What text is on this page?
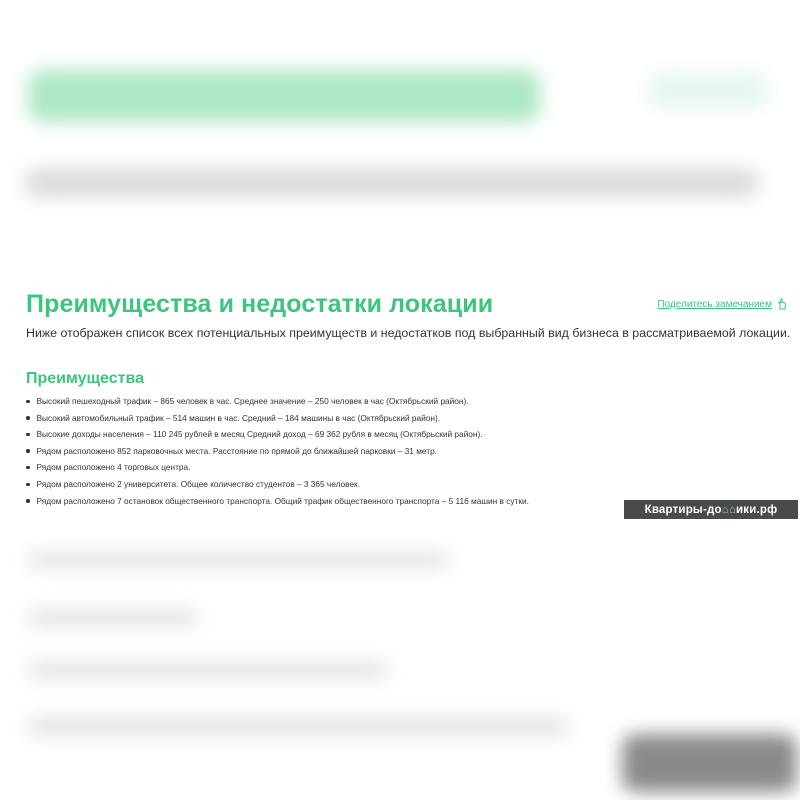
Преимущества и недостатки локации	Поделитесь замечанием

Ниже отображен список всех потенциальных преимуществ и недостатков под выбранный вид бизнеса в рассматриваемой локации.

Преимущества
Высокий пешеходный трафик – 865 человек в час. Среднее значение – 250 человек в час (Октябрьский район).
Высокий автомобильный трафик – 514 машин в час. Средний – 184 машины в час (Октябрьский район).
Высокие доходы населения – 110 245 рублей в месяц Средний доход – 69 362 рубля в месяц (Октябрьский район).
Рядом расположено 852 парковочных места. Расстояние по прямой до ближайшей парковки – 31 метр.
Рядом расположено 4 торговых центра.
Рядом расположено 2 университета. Общее количество студентов – 3 365 человек.
Рядом расположено 7 остановок общественного транспорта. Общий трафик общественного транспорта – 5 116 машин в сутки.
Квартиры-до ⌂⌂ ики.рф
